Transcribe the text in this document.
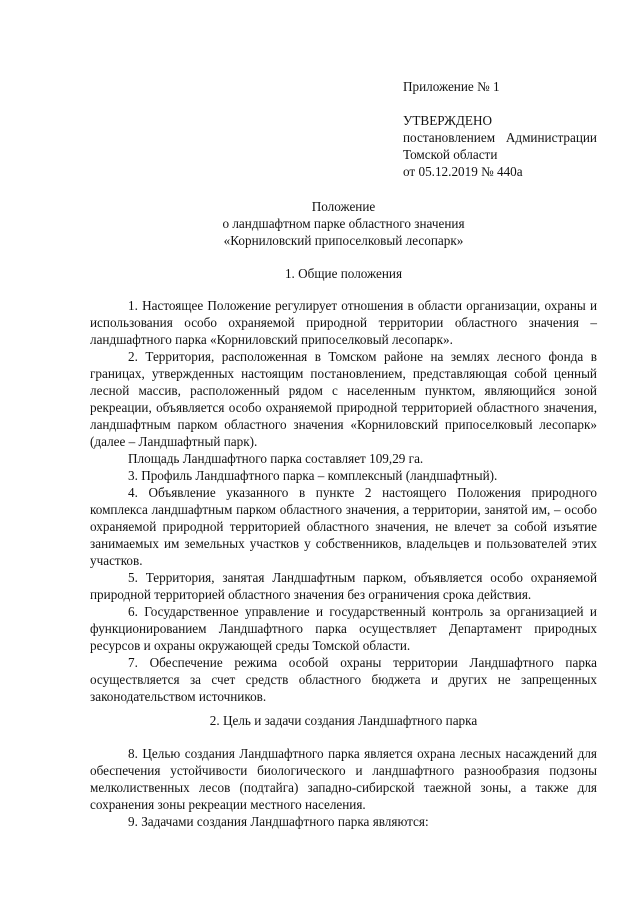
Приложение № 1
УТВЕРЖДЕНО
постановлением Администрации
Томской области
от 05.12.2019 № 440а
Положение
о ландшафтном парке областного значения
«Корниловский припоселковый лесопарк»
1. Общие положения

1. Настоящее Положение регулирует отношения в области организации, охраны и использования особо охраняемой природной территории областного значения – ландшафтного парка «Корниловский припоселковый лесопарк».

2. Территория, расположенная в Томском районе на землях лесного фонда в границах, утвержденных настоящим постановлением, представляющая собой ценный лесной массив, расположенный рядом с населенным пунктом, являющийся зоной рекреации, объявляется особо охраняемой природной территорией областного значения, ландшафтным парком областного значения «Корниловский припоселковый лесопарк» (далее – Ландшафтный парк).

Площадь Ландшафтного парка составляет 109,29 га.

3. Профиль Ландшафтного парка – комплексный (ландшафтный).

4. Объявление указанного в пункте 2 настоящего Положения природного комплекса ландшафтным парком областного значения, а территории, занятой им, – особо охраняемой природной территорией областного значения, не влечет за собой изъятие занимаемых им земельных участков у собственников, владельцев и пользователей этих участков.

5. Территория, занятая Ландшафтным парком, объявляется особо охраняемой природной территорией областного значения без ограничения срока действия.

6. Государственное управление и государственный контроль за организацией и функционированием Ландшафтного парка осуществляет Департамент природных ресурсов и охраны окружающей среды Томской области.

7. Обеспечение режима особой охраны территории Ландшафтного парка осуществляется за счет средств областного бюджета и других не запрещенных законодательством источников.

2. Цель и задачи создания Ландшафтного парка

8. Целью создания Ландшафтного парка является охрана лесных насаждений для обеспечения устойчивости биологического и ландшафтного разнообразия подзоны мелколиственных лесов (подтайга) западно-сибирской таежной зоны, а также для сохранения зоны рекреации местного населения.

9. Задачами создания Ландшафтного парка являются:
